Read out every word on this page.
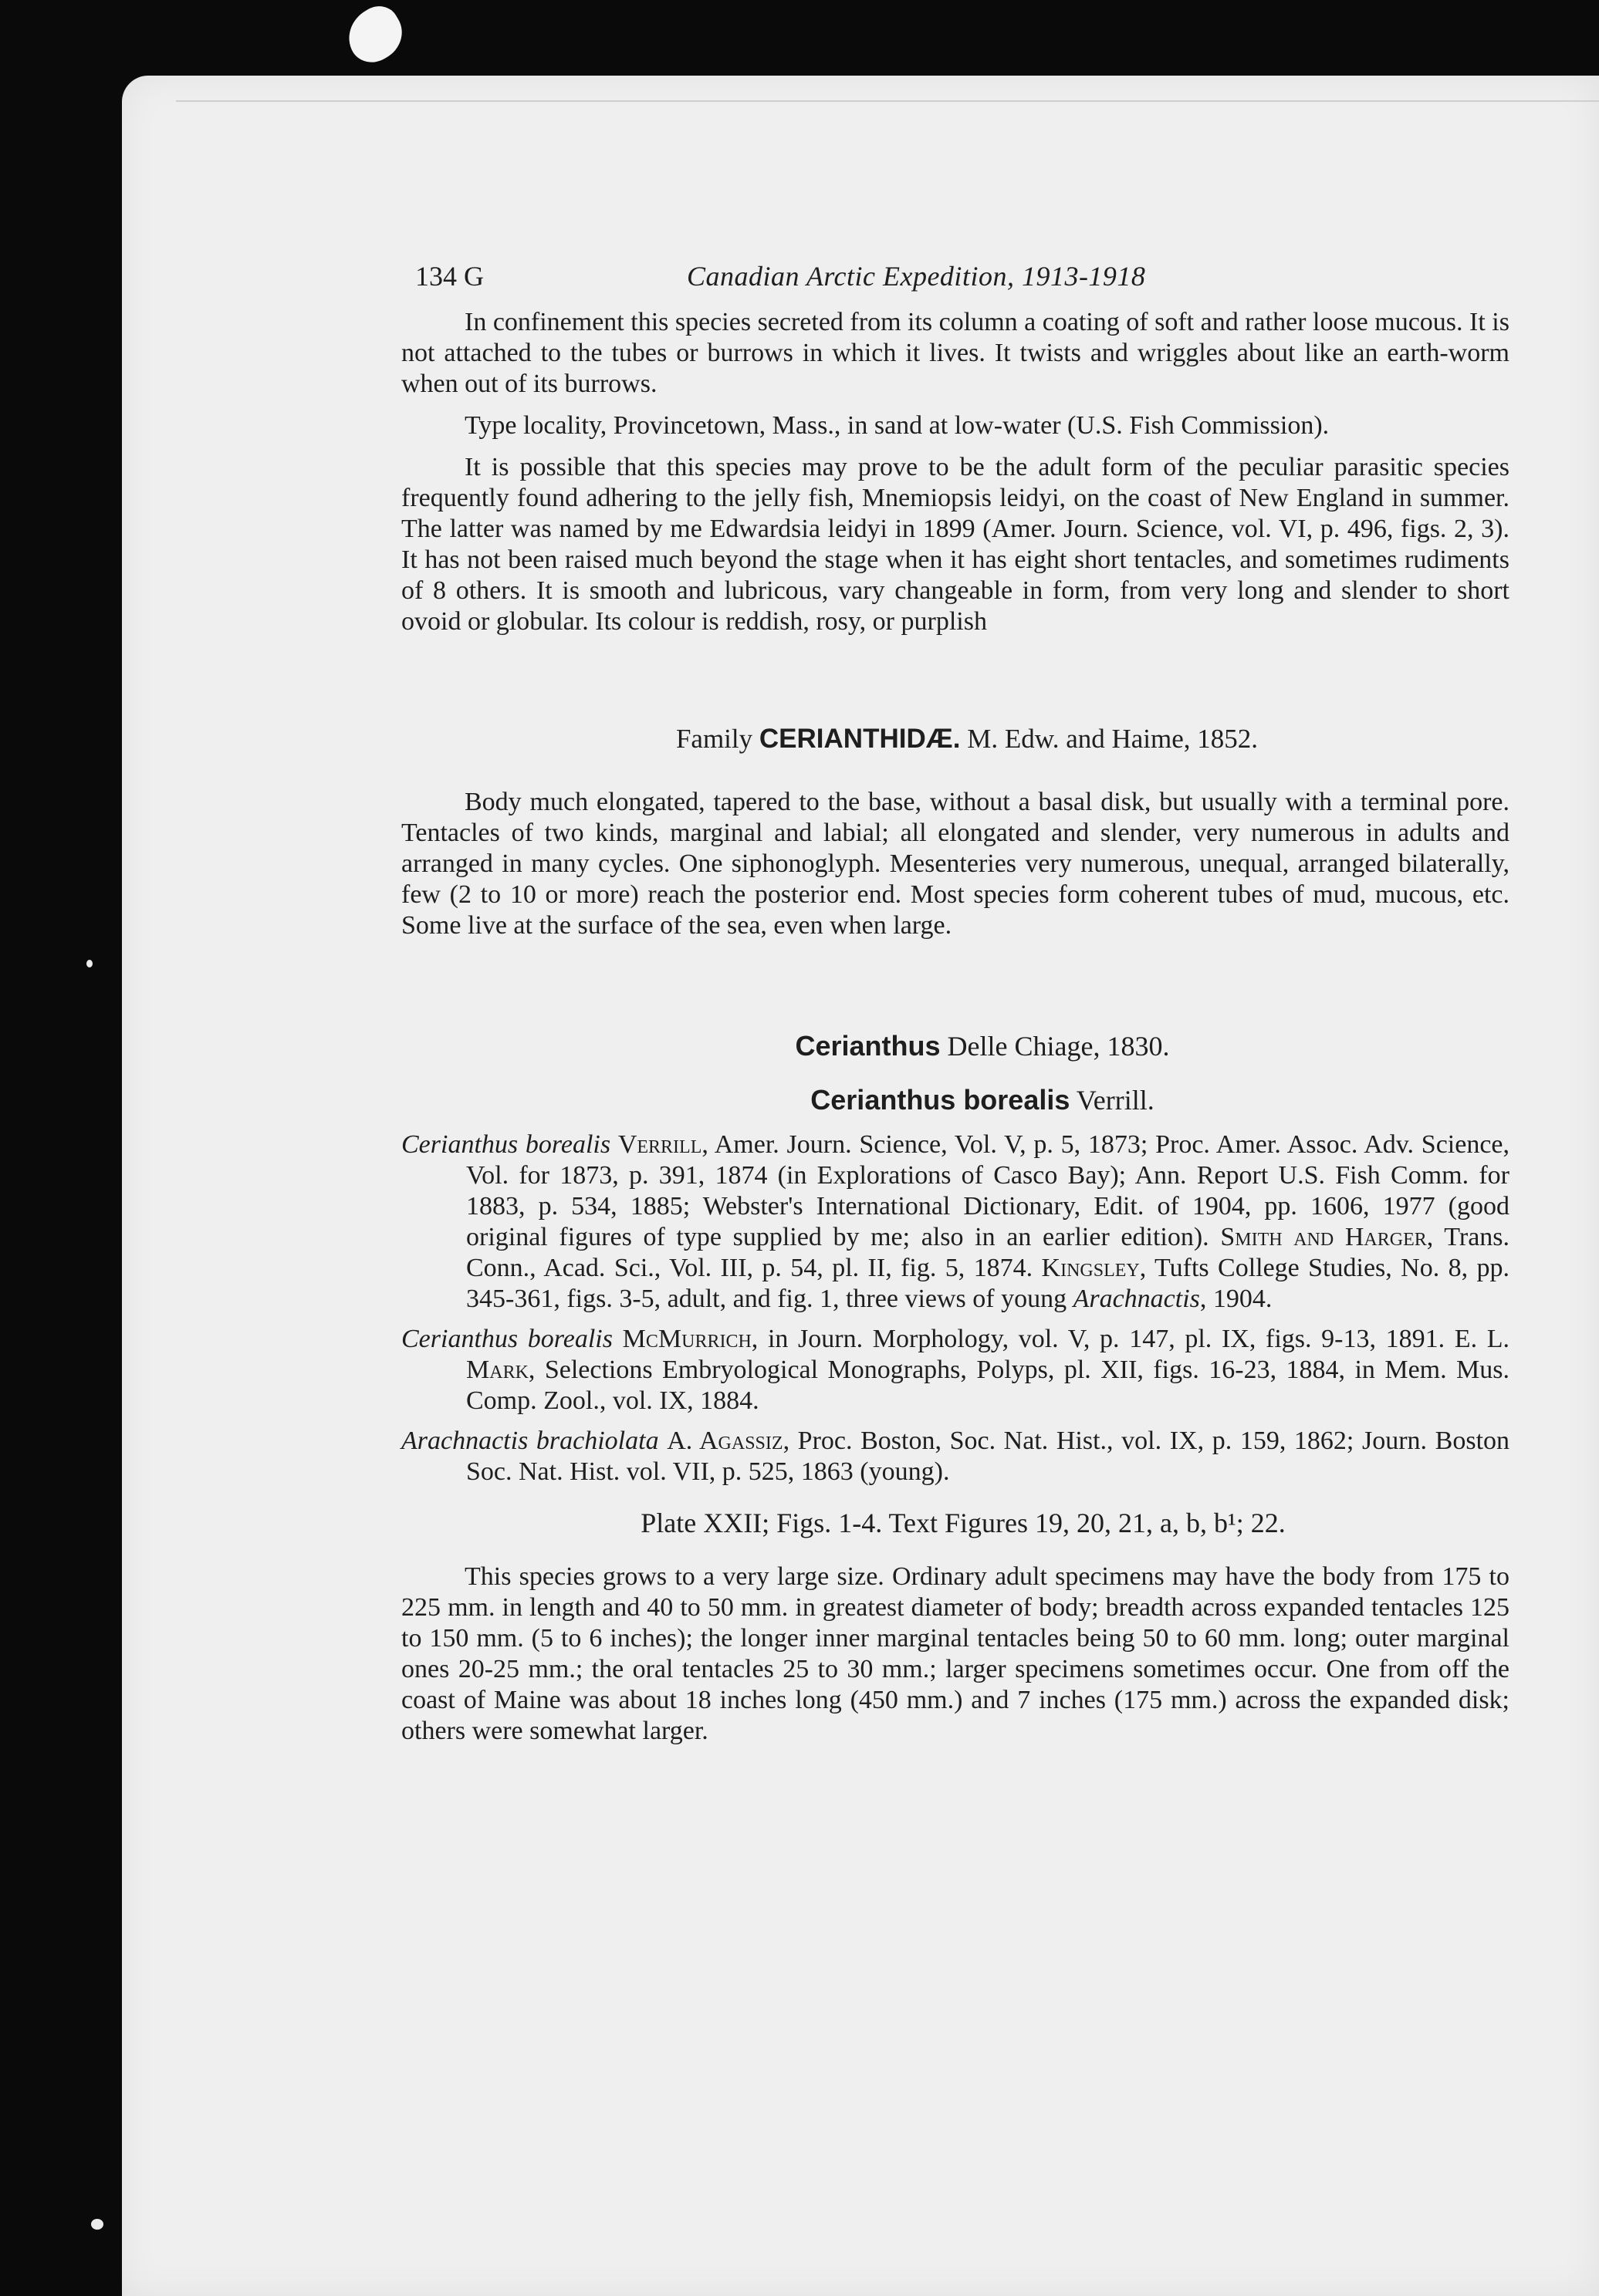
134 G	Canadian Arctic Expedition, 1913-1918

In confinement this species secreted from its column a coating of soft and rather loose mucous. It is not attached to the tubes or burrows in which it lives. It twists and wriggles about like an earth-worm when out of its burrows.

Type locality, Provincetown, Mass., in sand at low-water (U.S. Fish Commission).

It is possible that this species may prove to be the adult form of the peculiar parasitic species frequently found adhering to the jelly fish, Mnemiopsis leidyi, on the coast of New England in summer. The latter was named by me Edwardsia leidyi in 1899 (Amer. Journ. Science, vol. VI, p. 496, figs. 2, 3). It has not been raised much beyond the stage when it has eight short tentacles, and sometimes rudiments of 8 others. It is smooth and lubricous, vary changeable in form, from very long and slender to short ovoid or globular. Its colour is reddish, rosy, or purplish

Family CERIANTHIDÆ. M. Edw. and Haime, 1852.

Body much elongated, tapered to the base, without a basal disk, but usually with a terminal pore. Tentacles of two kinds, marginal and labial; all elongated and slender, very numerous in adults and arranged in many cycles. One siphonoglyph. Mesenteries very numerous, unequal, arranged bilaterally, few (2 to 10 or more) reach the posterior end. Most species form coherent tubes of mud, mucous, etc. Some live at the surface of the sea, even when large.

Cerianthus Delle Chiage, 1830.
Cerianthus borealis Verrill.

Cerianthus borealis Verrill, Amer. Journ. Science, Vol. V, p. 5, 1873; Proc. Amer. Assoc. Adv. Science, Vol. for 1873, p. 391, 1874 (in Explorations of Casco Bay); Ann. Report U.S. Fish Comm. for 1883, p. 534, 1885; Webster's International Dictionary, Edit. of 1904, pp. 1606, 1977 (good original figures of type supplied by me; also in an earlier edition). Smith and Harger, Trans. Conn., Acad. Sci., Vol. III, p. 54, pl. II, fig. 5, 1874. Kingsley, Tufts College Studies, No. 8, pp. 345-361, figs. 3-5, adult, and fig. 1, three views of young Arachnactis, 1904.

Cerianthus borealis McMurrich, in Journ. Morphology, vol. V, p. 147, pl. IX, figs. 9-13, 1891. E. L. Mark, Selections Embryological Monographs, Polyps, pl. XII, figs. 16-23, 1884, in Mem. Mus. Comp. Zool., vol. IX, 1884.

Arachnactis brachiolata A. Agassiz, Proc. Boston, Soc. Nat. Hist., vol. IX, p. 159, 1862; Journ. Boston Soc. Nat. Hist. vol. VII, p. 525, 1863 (young).

Plate XXII; Figs. 1-4. Text Figures 19, 20, 21, a, b, b¹; 22.

This species grows to a very large size. Ordinary adult specimens may have the body from 175 to 225 mm. in length and 40 to 50 mm. in greatest diameter of body; breadth across expanded tentacles 125 to 150 mm. (5 to 6 inches); the longer inner marginal tentacles being 50 to 60 mm. long; outer marginal ones 20-25 mm.; the oral tentacles 25 to 30 mm.; larger specimens sometimes occur. One from off the coast of Maine was about 18 inches long (450 mm.) and 7 inches (175 mm.) across the expanded disk; others were somewhat larger.
